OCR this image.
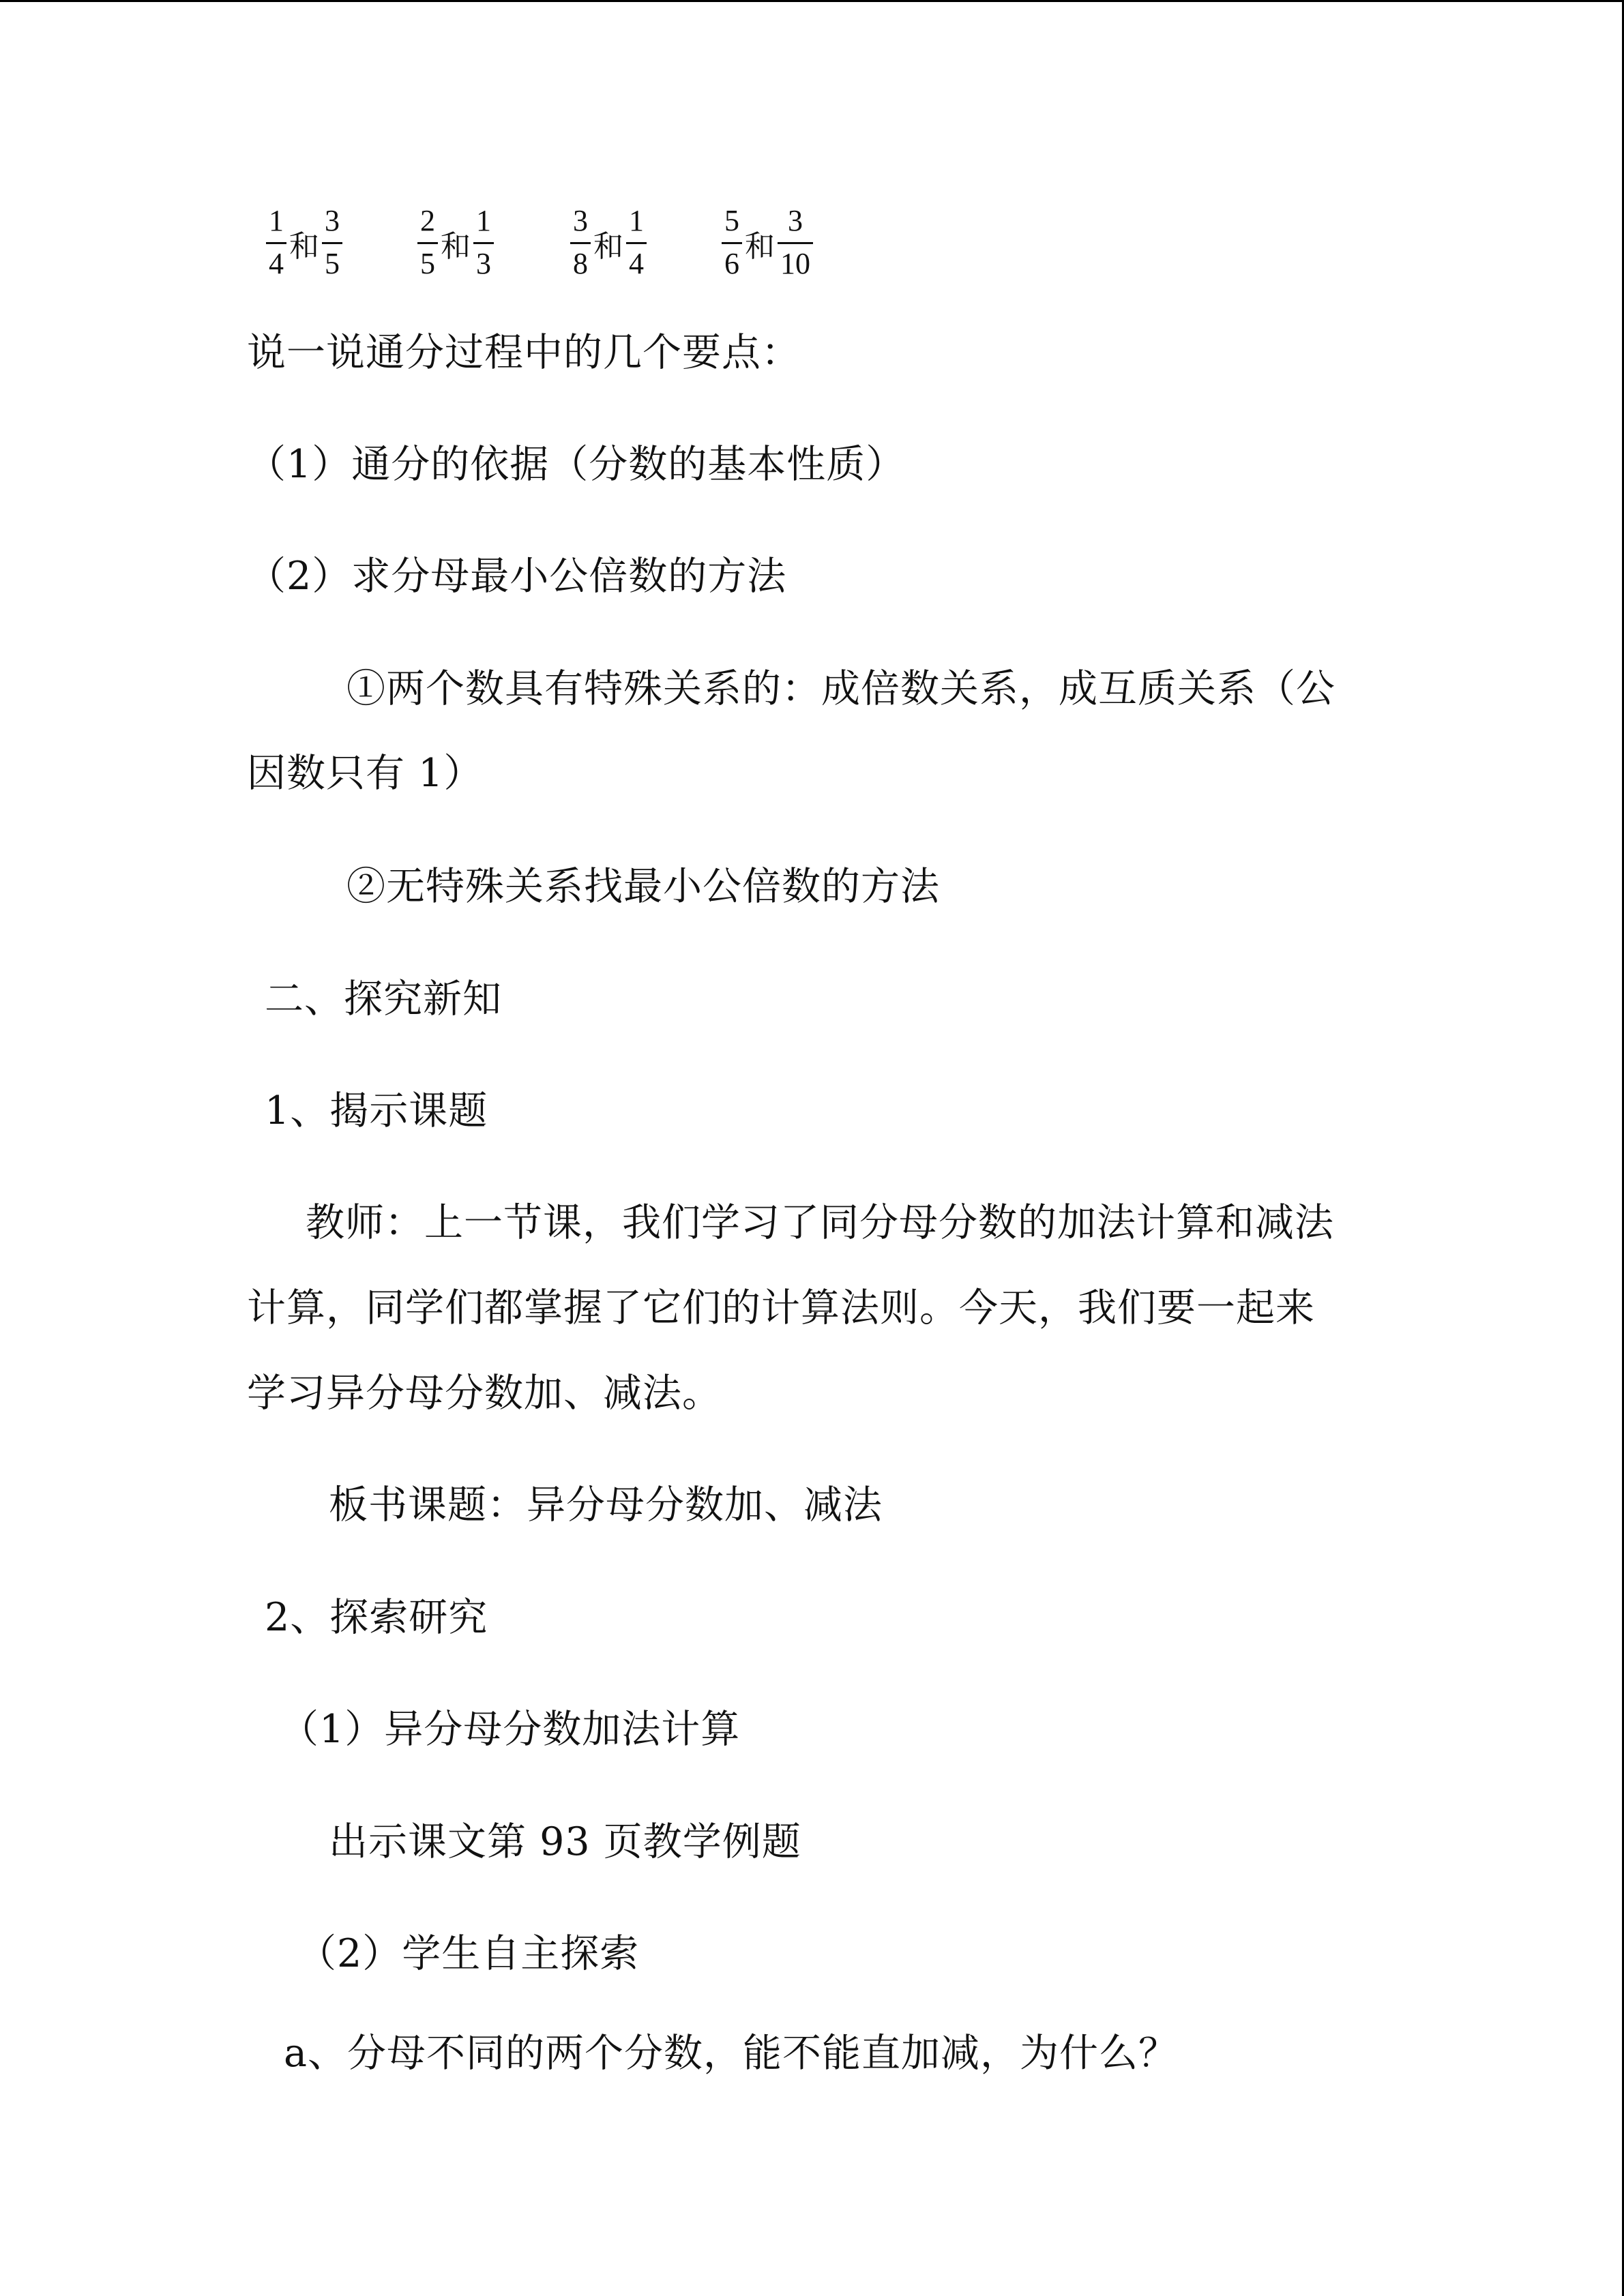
$\frac{1}{4}$ 和 $\frac{3}{5}$	$\frac{2}{5}$ 和 $\frac{1}{3}$	$\frac{3}{8}$ 和 $\frac{1}{4}$	$\frac{5}{6}$ 和 $\frac{3}{10}$
说一说通分过程中的几个要点：
（1）通分的依据（分数的基本性质）
（2）求分母最小公倍数的方法
①两个数具有特殊关系的：成倍数关系，成互质关系（公
因数只有 1）
②无特殊关系找最小公倍数的方法
二、探究新知
1、揭示课题
教师：上一节课，我们学习了同分母分数的加法计算和减法
计算，同学们都掌握了它们的计算法则。今天，我们要一起来
学习异分母分数加、减法。
板书课题：异分母分数加、减法
2、探索研究
（1）异分母分数加法计算
出示课文第 93 页教学例题
（2）学生自主探索
a、分母不同的两个分数，能不能直加减，为什么？
